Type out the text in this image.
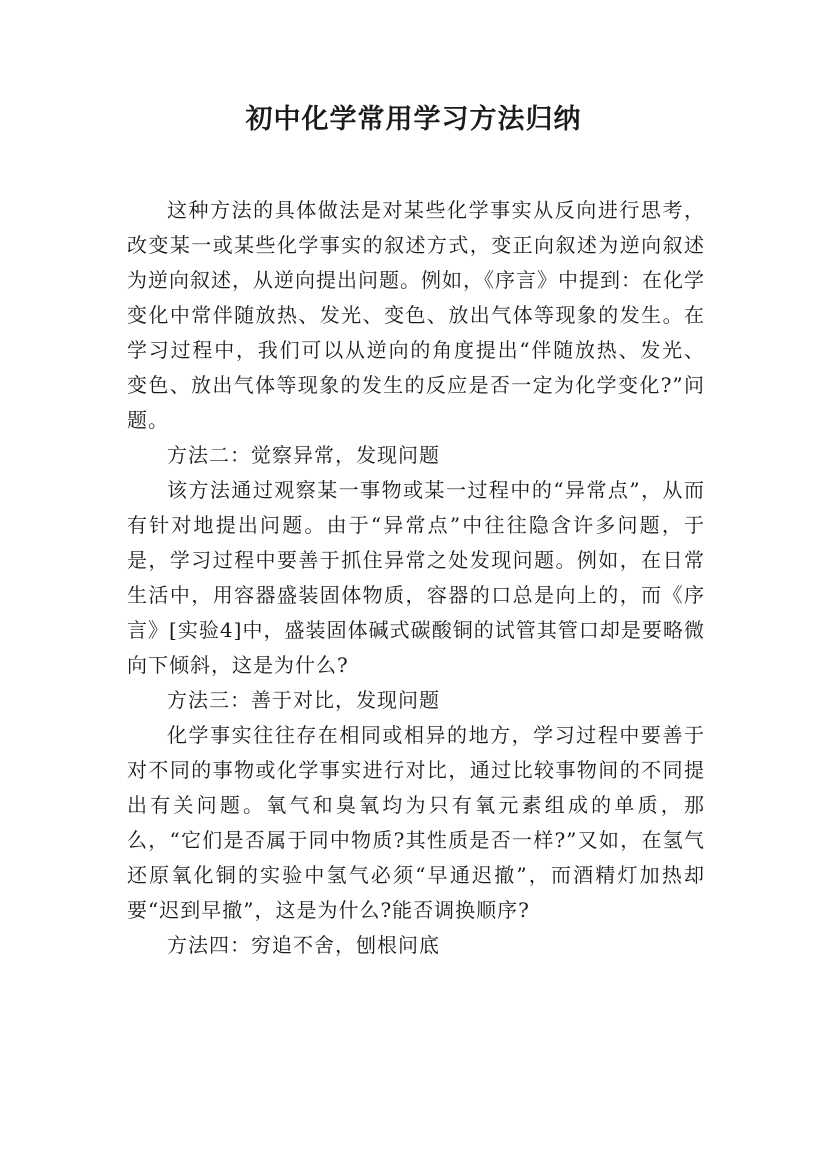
初中化学常用学习方法归纳

这种方法的具体做法是对某些化学事实从反向进行思考，改变某一或某些化学事实的叙述方式，变正向叙述为逆向叙述为逆向叙述，从逆向提出问题。例如，《序言》中提到：在化学变化中常伴随放热、发光、变色、放出气体等现象的发生。在学习过程中，我们可以从逆向的角度提出“伴随放热、发光、变色、放出气体等现象的发生的反应是否一定为化学变化?”问题。

方法二：觉察异常，发现问题

该方法通过观察某一事物或某一过程中的“异常点”，从而有针对地提出问题。由于“异常点”中往往隐含许多问题，于是，学习过程中要善于抓住异常之处发现问题。例如，在日常生活中，用容器盛装固体物质，容器的口总是向上的，而《序言》[实验4]中，盛装固体碱式碳酸铜的试管其管口却是要略微向下倾斜，这是为什么?

方法三：善于对比，发现问题

化学事实往往存在相同或相异的地方，学习过程中要善于对不同的事物或化学事实进行对比，通过比较事物间的不同提出有关问题。氧气和臭氧均为只有氧元素组成的单质，那么，“它们是否属于同中物质?其性质是否一样?”又如，在氢气还原氧化铜的实验中氢气必须“早通迟撤”，而酒精灯加热却要“迟到早撤”，这是为什么?能否调换顺序?

方法四：穷追不舍，刨根问底
